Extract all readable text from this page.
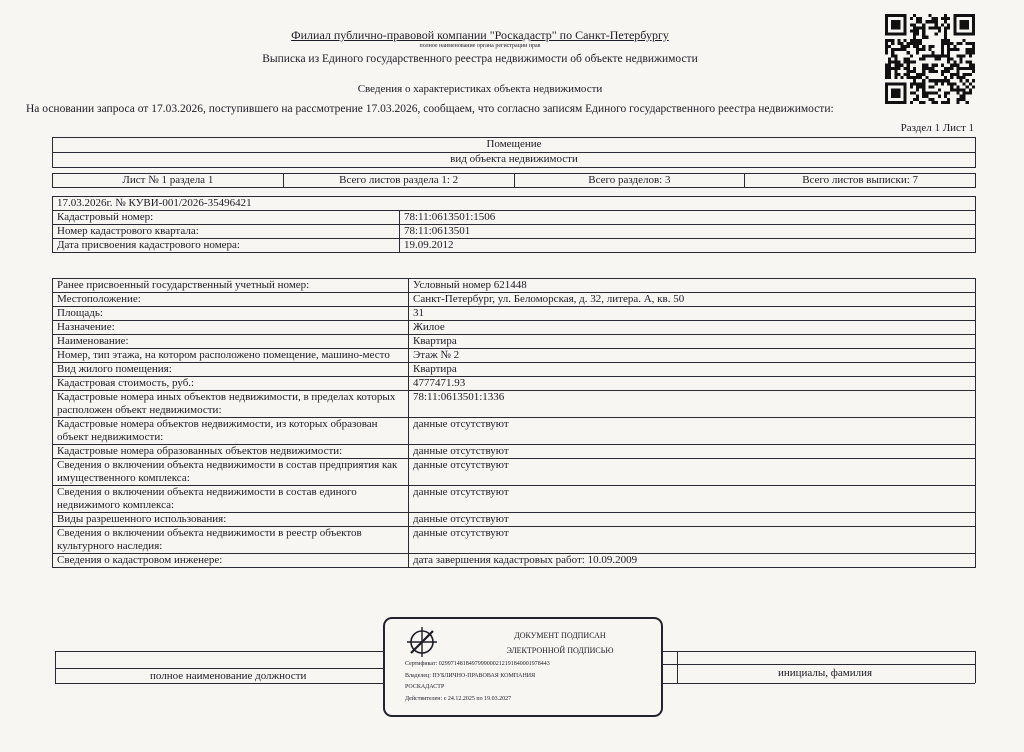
Филиал публично-правовой компании "Роскадастр" по Санкт-Петербургу
полное наименование органа регистрации прав
Выписка из Единого государственного реестра недвижимости об объекте недвижимости
Сведения о характеристиках объекта недвижимости
На основании запроса от 17.03.2026, поступившего на рассмотрение 17.03.2026, сообщаем, что согласно записям Единого государственного реестра недвижимости:
Раздел 1 Лист 1
Помещение
вид объекта недвижимости
Лист № 1 раздела 1	Всего листов раздела 1: 2	Всего разделов: 3	Всего листов выписки: 7
17.03.2026г. № КУВИ-001/2026-35496421	
Кадастровый номер:	78:11:0613501:1506
Номер кадастрового квартала:	78:11:0613501
Дата присвоения кадастрового номера:	19.09.2012
Ранее присвоенный государственный учетный номер:	Условный номер 621448
Местоположение:	Санкт-Петербург, ул. Беломорская, д. 32, литера. А, кв. 50
Площадь:	31
Назначение:	Жилое
Наименование:	Квартира
Номер, тип этажа, на котором расположено помещение, машино-место	Этаж № 2
Вид жилого помещения:	Квартира
Кадастровая стоимость, руб.:	4777471.93
Кадастровые номера иных объектов недвижимости, в пределах которых расположен объект недвижимости:	78:11:0613501:1336
Кадастровые номера объектов недвижимости, из которых образован объект недвижимости:	данные отсутствуют
Кадастровые номера образованных объектов недвижимости:	данные отсутствуют
Сведения о включении объекта недвижимости в состав предприятия как имущественного комплекса:	данные отсутствуют
Сведения о включении объекта недвижимости в состав единого недвижимого комплекса:	данные отсутствуют
Виды разрешенного использования:	данные отсутствуют
Сведения о включении объекта недвижимости в реестр объектов культурного наследия:	данные отсутствуют
Сведения о кадастровом инженере:	дата завершения кадастровых работ: 10.09.2009
полное наименование должности	инициалы, фамилия
ДОКУМЕНТ ПОДПИСАН
ЭЛЕКТРОННОЙ ПОДПИСЬЮ
Сертификат: 0299714818497999000212191840001978443
Владелец: ПУБЛИЧНО-ПРАВОВАЯ КОМПАНИЯ
РОСКАДАСТР
Действителен: с 24.12.2025 по 19.03.2027
